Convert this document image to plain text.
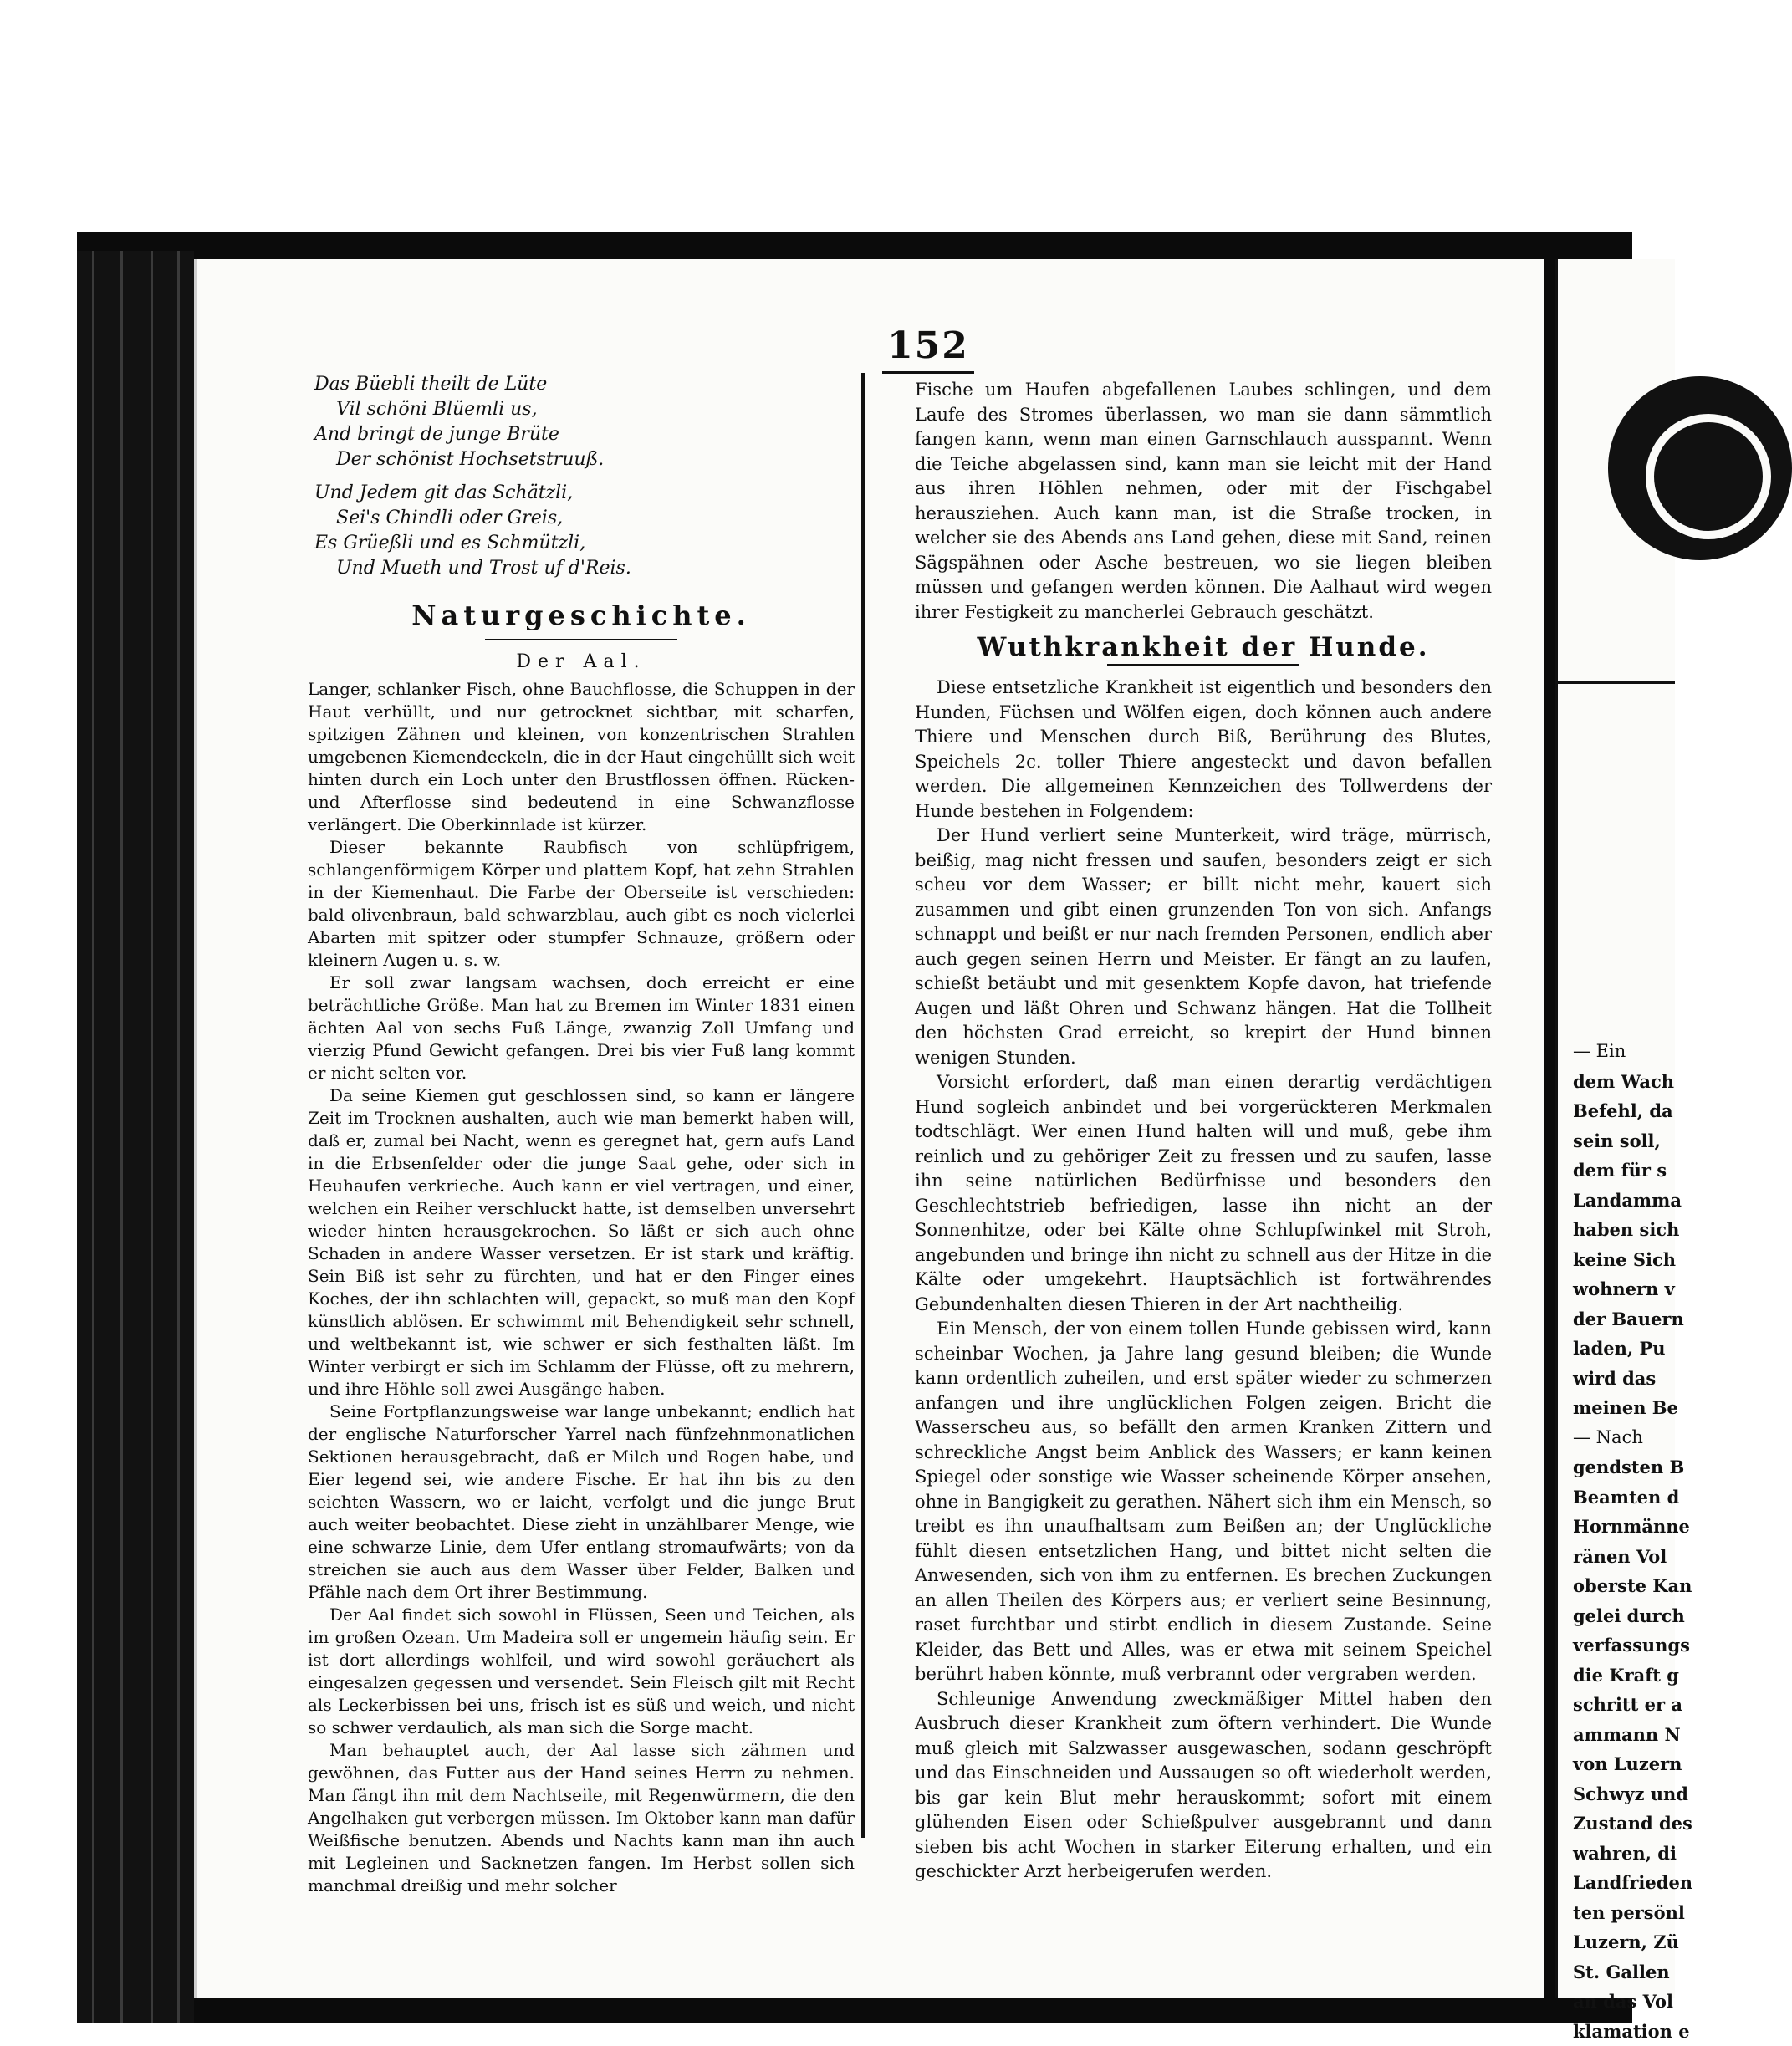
152
Das Büebli theilt de Lüte
Vil schöni Blüemli us,
And bringt de junge Brüte
Der schönist Hochsetstruuß.
Und Jedem git das Schätzli,
Sei's Chindli oder Greis,
Es Grüeßli und es Schmützli,
Und Mueth und Trost uf d'Reis.
Naturgeschichte.
Der Aal.

Langer, schlanker Fisch, ohne Bauchflosse, die Schuppen in der Haut verhüllt, und nur getrocknet sichtbar, mit scharfen, spitzigen Zähnen und kleinen, von konzentrischen Strahlen umgebenen Kiemendeckeln, die in der Haut eingehüllt sich weit hinten durch ein Loch unter den Brustflossen öffnen. Rücken- und Afterflosse sind bedeutend in eine Schwanzflosse verlängert. Die Oberkinnlade ist kürzer.

Dieser bekannte Raubfisch von schlüpfrigem, schlangenförmigem Körper und plattem Kopf, hat zehn Strahlen in der Kiemenhaut. Die Farbe der Oberseite ist verschieden: bald olivenbraun, bald schwarzblau, auch gibt es noch vielerlei Abarten mit spitzer oder stumpfer Schnauze, größern oder kleinern Augen u. s. w.

Er soll zwar langsam wachsen, doch erreicht er eine beträchtliche Größe. Man hat zu Bremen im Winter 1831 einen ächten Aal von sechs Fuß Länge, zwanzig Zoll Umfang und vierzig Pfund Gewicht gefangen. Drei bis vier Fuß lang kommt er nicht selten vor.

Da seine Kiemen gut geschlossen sind, so kann er längere Zeit im Trocknen aushalten, auch wie man bemerkt haben will, daß er, zumal bei Nacht, wenn es geregnet hat, gern aufs Land in die Erbsenfelder oder die junge Saat gehe, oder sich in Heuhaufen verkrieche. Auch kann er viel vertragen, und einer, welchen ein Reiher verschluckt hatte, ist demselben unversehrt wieder hinten herausgekrochen. So läßt er sich auch ohne Schaden in andere Wasser versetzen. Er ist stark und kräftig. Sein Biß ist sehr zu fürchten, und hat er den Finger eines Koches, der ihn schlachten will, gepackt, so muß man den Kopf künstlich ablösen. Er schwimmt mit Behendigkeit sehr schnell, und weltbekannt ist, wie schwer er sich festhalten läßt. Im Winter verbirgt er sich im Schlamm der Flüsse, oft zu mehrern, und ihre Höhle soll zwei Ausgänge haben.

Seine Fortpflanzungsweise war lange unbekannt; endlich hat der englische Naturforscher Yarrel nach fünfzehnmonatlichen Sektionen herausgebracht, daß er Milch und Rogen habe, und Eier legend sei, wie andere Fische. Er hat ihn bis zu den seichten Wassern, wo er laicht, verfolgt und die junge Brut auch weiter beobachtet. Diese zieht in unzählbarer Menge, wie eine schwarze Linie, dem Ufer entlang stromaufwärts; von da streichen sie auch aus dem Wasser über Felder, Balken und Pfähle nach dem Ort ihrer Bestimmung.

Der Aal findet sich sowohl in Flüssen, Seen und Teichen, als im großen Ozean. Um Madeira soll er ungemein häufig sein. Er ist dort allerdings wohlfeil, und wird sowohl geräuchert als eingesalzen gegessen und versendet. Sein Fleisch gilt mit Recht als Leckerbissen bei uns, frisch ist es süß und weich, und nicht so schwer verdaulich, als man sich die Sorge macht.

Man behauptet auch, der Aal lasse sich zähmen und gewöhnen, das Futter aus der Hand seines Herrn zu nehmen. Man fängt ihn mit dem Nachtseile, mit Regenwürmern, die den Angelhaken gut verbergen müssen. Im Oktober kann man dafür Weißfische benutzen. Abends und Nachts kann man ihn auch mit Legleinen und Sacknetzen fangen. Im Herbst sollen sich manchmal dreißig und mehr solcher

Fische um Haufen abgefallenen Laubes schlingen, und dem Laufe des Stromes überlassen, wo man sie dann sämmtlich fangen kann, wenn man einen Garnschlauch ausspannt. Wenn die Teiche abgelassen sind, kann man sie leicht mit der Hand aus ihren Höhlen nehmen, oder mit der Fischgabel herausziehen. Auch kann man, ist die Straße trocken, in welcher sie des Abends ans Land gehen, diese mit Sand, reinen Sägspähnen oder Asche bestreuen, wo sie liegen bleiben müssen und gefangen werden können. Die Aalhaut wird wegen ihrer Festigkeit zu mancherlei Gebrauch geschätzt.

Wuthkrankheit der Hunde.

Diese entsetzliche Krankheit ist eigentlich und besonders den Hunden, Füchsen und Wölfen eigen, doch können auch andere Thiere und Menschen durch Biß, Berührung des Blutes, Speichels 2c. toller Thiere angesteckt und davon befallen werden. Die allgemeinen Kennzeichen des Tollwerdens der Hunde bestehen in Folgendem:

Der Hund verliert seine Munterkeit, wird träge, mürrisch, beißig, mag nicht fressen und saufen, besonders zeigt er sich scheu vor dem Wasser; er billt nicht mehr, kauert sich zusammen und gibt einen grunzenden Ton von sich. Anfangs schnappt und beißt er nur nach fremden Personen, endlich aber auch gegen seinen Herrn und Meister. Er fängt an zu laufen, schießt betäubt und mit gesenktem Kopfe davon, hat triefende Augen und läßt Ohren und Schwanz hängen. Hat die Tollheit den höchsten Grad erreicht, so krepirt der Hund binnen wenigen Stunden.

Vorsicht erfordert, daß man einen derartig verdächtigen Hund sogleich anbindet und bei vorgerückteren Merkmalen todtschlägt. Wer einen Hund halten will und muß, gebe ihm reinlich und zu gehöriger Zeit zu fressen und zu saufen, lasse ihn seine natürlichen Bedürfnisse und besonders den Geschlechtstrieb befriedigen, lasse ihn nicht an der Sonnenhitze, oder bei Kälte ohne Schlupfwinkel mit Stroh, angebunden und bringe ihn nicht zu schnell aus der Hitze in die Kälte oder umgekehrt. Hauptsächlich ist fortwährendes Gebundenhalten diesen Thieren in der Art nachtheilig.

Ein Mensch, der von einem tollen Hunde gebissen wird, kann scheinbar Wochen, ja Jahre lang gesund bleiben; die Wunde kann ordentlich zuheilen, und erst später wieder zu schmerzen anfangen und ihre unglücklichen Folgen zeigen. Bricht die Wasserscheu aus, so befällt den armen Kranken Zittern und schreckliche Angst beim Anblick des Wassers; er kann keinen Spiegel oder sonstige wie Wasser scheinende Körper ansehen, ohne in Bangigkeit zu gerathen. Nähert sich ihm ein Mensch, so treibt es ihn unaufhaltsam zum Beißen an; der Unglückliche fühlt diesen entsetzlichen Hang, und bittet nicht selten die Anwesenden, sich von ihm zu entfernen. Es brechen Zuckungen an allen Theilen des Körpers aus; er verliert seine Besinnung, raset furchtbar und stirbt endlich in diesem Zustande. Seine Kleider, das Bett und Alles, was er etwa mit seinem Speichel berührt haben könnte, muß verbrannt oder vergraben werden.

Schleunige Anwendung zweckmäßiger Mittel haben den Ausbruch dieser Krankheit zum öftern verhindert. Die Wunde muß gleich mit Salzwasser ausgewaschen, sodann geschröpft und das Einschneiden und Aussaugen so oft wiederholt werden, bis gar kein Blut mehr herauskommt; sofort mit einem glühenden Eisen oder Schießpulver ausgebrannt und dann sieben bis acht Wochen in starker Eiterung erhalten, und ein geschickter Arzt herbeigerufen werden.

— Ein
dem Wach
Befehl, da
sein soll,
dem für s
Landamma
haben sich
keine Sich
wohnern v
der Bauern
laden, Pu
wird das
meinen Be
— Nach
gendsten B
Beamten d
Hornmänne
ränen Vol
oberste Kan
gelei durch
verfassungs
die Kraft g
schritt er a
ammann N
von Luzern
Schwyz und
Zustand des
wahren, di
Landfrieden
ten persönl
Luzern, Zü
St. Gallen
an das Vol
klamation e
